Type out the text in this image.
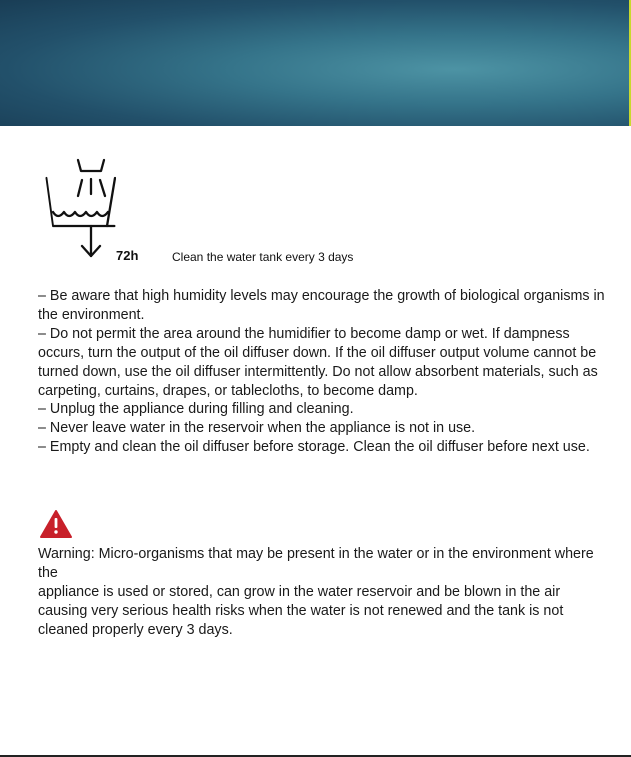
72h	Clean the water tank every 3 days

– Be aware that high humidity levels may encourage the growth of biological organisms in the environment.

– Do not permit the area around the humidifier to become damp or wet. If dampness occurs, turn the output of the oil diffuser down. If the oil diffuser output volume cannot be turned down, use the oil diffuser intermittently. Do not allow absorbent materials, such as carpeting, curtains, drapes, or tablecloths, to become damp.

– Unplug the appliance during filling and cleaning.

– Never leave water in the reservoir when the appliance is not in use.

– Empty and clean the oil diffuser before storage. Clean the oil diffuser before next use.

Warning: Micro-organisms that may be present in the water or in the environment where the

appliance is used or stored, can grow in the water reservoir and be blown in the air

causing very serious health risks when the water is not renewed and the tank is not

cleaned properly every 3 days.
